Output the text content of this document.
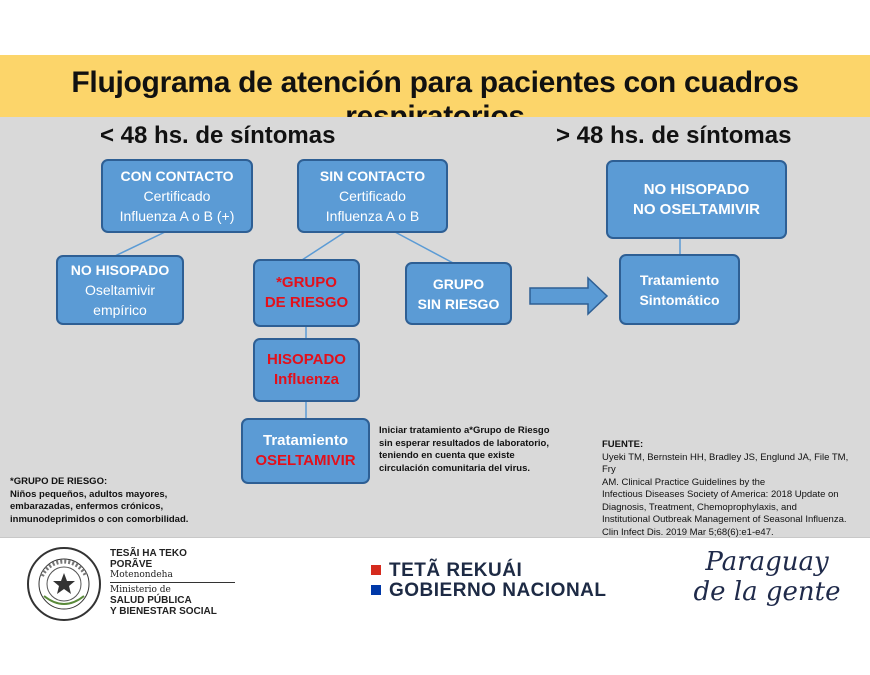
Flujograma de atención para pacientes con cuadros
< 48 hs. de síntomas	> 48 hs. de síntomas
CON CONTACTO
Certificado
Influenza A o B (+)
SIN CONTACTO
Certificado
Influenza A o B
NO HISOPADO
Oseltamivir
empírico
*GRUPO
DE RIESGO
GRUPO
SIN RIESGO
HISOPADO
Influenza
Tratamiento
OSELTAMIVIR
NO HISOPADO
NO OSELTAMIVIR
Tratamiento
Sintomático
Iniciar tratamiento a*Grupo de Riesgo
sin esperar resultados de laboratorio,
teniendo en cuenta que existe
circulación comunitaria del virus.
*GRUPO DE RIESGO:
Niños pequeños, adultos mayores,
embarazadas, enfermos crónicos,
inmunodeprimidos o con comorbilidad.
FUENTE:
Uyeki TM, Bernstein HH, Bradley JS, Englund JA, File TM, Fry
AM. Clinical Practice Guidelines by the
Infectious Diseases Society of America: 2018 Update on
Diagnosis, Treatment, Chemoprophylaxis, and
Institutional Outbreak Management of Seasonal Influenza.
Clin Infect Dis. 2019 Mar 5;68(6):e1-e47.
TESÃI HA TEKO
PORÃVE
Motenondeha
Ministerio de
SALUD PÚBLICA
Y BIENESTAR SOCIAL
TETÃ REKUÁI
GOBIERNO NACIONAL
Paraguay
de la gente
